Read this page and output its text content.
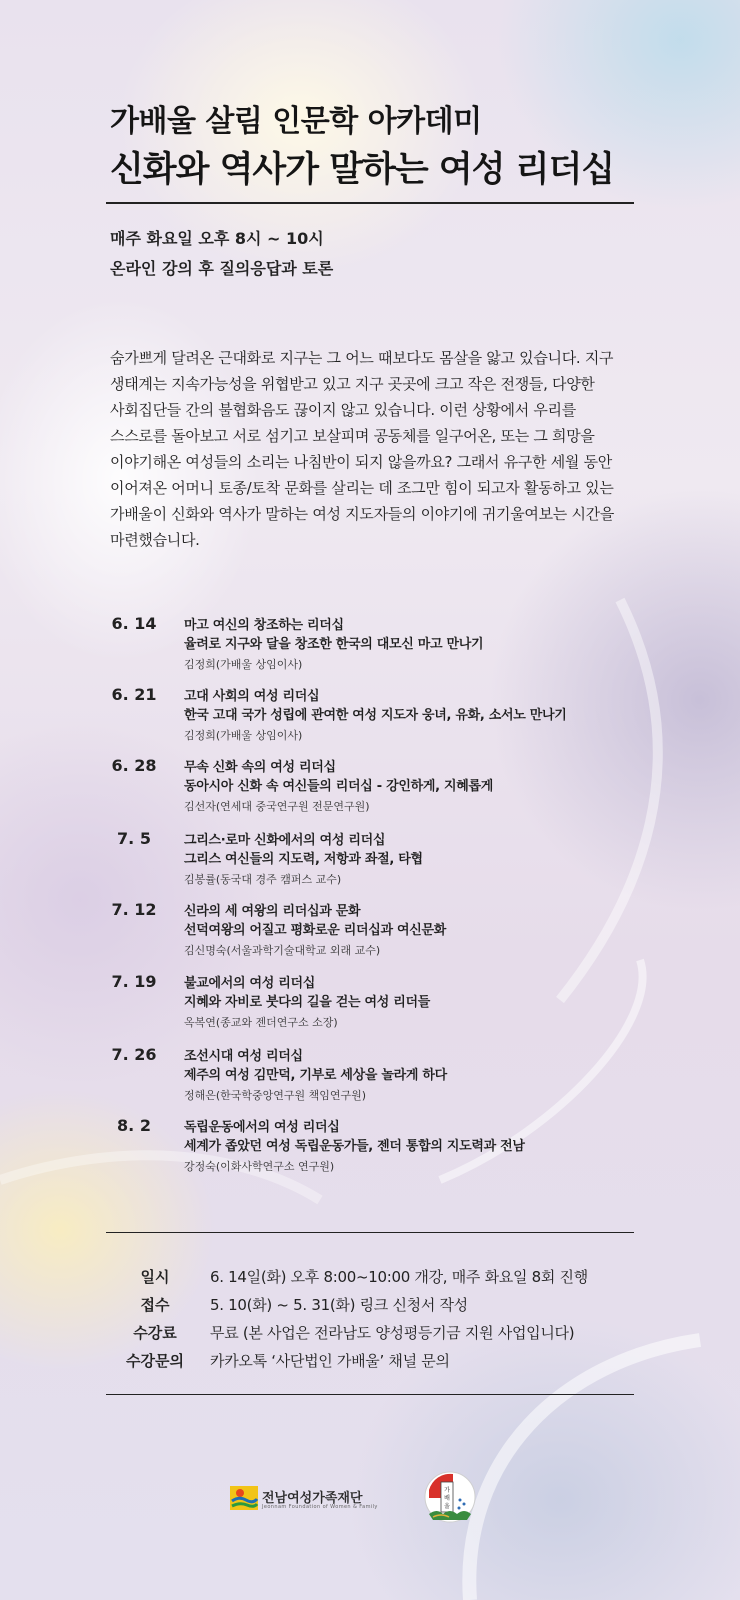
가배울 살림 인문학 아카데미
신화와 역사가 말하는 여성 리더십
매주 화요일 오후 8시 ~ 10시
온라인 강의 후 질의응답과 토론

숨가쁘게 달려온 근대화로 지구는 그 어느 때보다도 몸살을 앓고 있습니다. 지구

생태계는 지속가능성을 위협받고 있고 지구 곳곳에 크고 작은 전쟁들, 다양한

사회집단들 간의 불협화음도 끊이지 않고 있습니다. 이런 상황에서 우리를

스스로를 돌아보고 서로 섬기고 보살피며 공동체를 일구어온, 또는 그 희망을

이야기해온 여성들의 소리는 나침반이 되지 않을까요? 그래서 유구한 세월 동안

이어져온 어머니 토종/토착 문화를 살리는 데 조그만 힘이 되고자 활동하고 있는

가배울이 신화와 역사가 말하는 여성 지도자들의 이야기에 귀기울여보는 시간을

마련했습니다.

6. 14	마고 여신의 창조하는 리더십
율려로 지구와 달을 창조한 한국의 대모신 마고 만나기
김정희(가배울 상임이사)
6. 21	고대 사회의 여성 리더십
한국 고대 국가 성립에 관여한 여성 지도자 웅녀, 유화, 소서노 만나기
김정희(가배울 상임이사)
6. 28	무속 신화 속의 여성 리더십
동아시아 신화 속 여신들의 리더십 - 강인하게, 지혜롭게
김선자(연세대 중국연구원 전문연구원)
7. 5	그리스·로마 신화에서의 여성 리더십
그리스 여신들의 지도력, 저항과 좌절, 타협
김봉률(동국대 경주 캠퍼스 교수)
7. 12	신라의 세 여왕의 리더십과 문화
선덕여왕의 어질고 평화로운 리더십과 여신문화
김신명숙(서울과학기술대학교 외래 교수)
7. 19	불교에서의 여성 리더십
지혜와 자비로 붓다의 길을 걷는 여성 리더들
옥복연(종교와 젠더연구소 소장)
7. 26	조선시대 여성 리더십
제주의 여성 김만덕, 기부로 세상을 놀라게 하다
정해은(한국학중앙연구원 책임연구원)
8. 2	독립운동에서의 여성 리더십
세계가 좁았던 여성 독립운동가들, 젠더 통합의 지도력과 전남
강정숙(이화사학연구소 연구원)
일시	6. 14일(화) 오후 8:00~10:00 개강, 매주 화요일 8회 진행
접수	5. 10(화) ~ 5. 31(화) 링크 신청서 작성
수강료	무료 (본 사업은 전라남도 양성평등기금 지원 사업입니다)
수강문의	카카오톡 ‘사단법인 가배울’ 채널 문의
전남여성가족재단
Jeonnam Foundation of Women & Family
가
배
울
